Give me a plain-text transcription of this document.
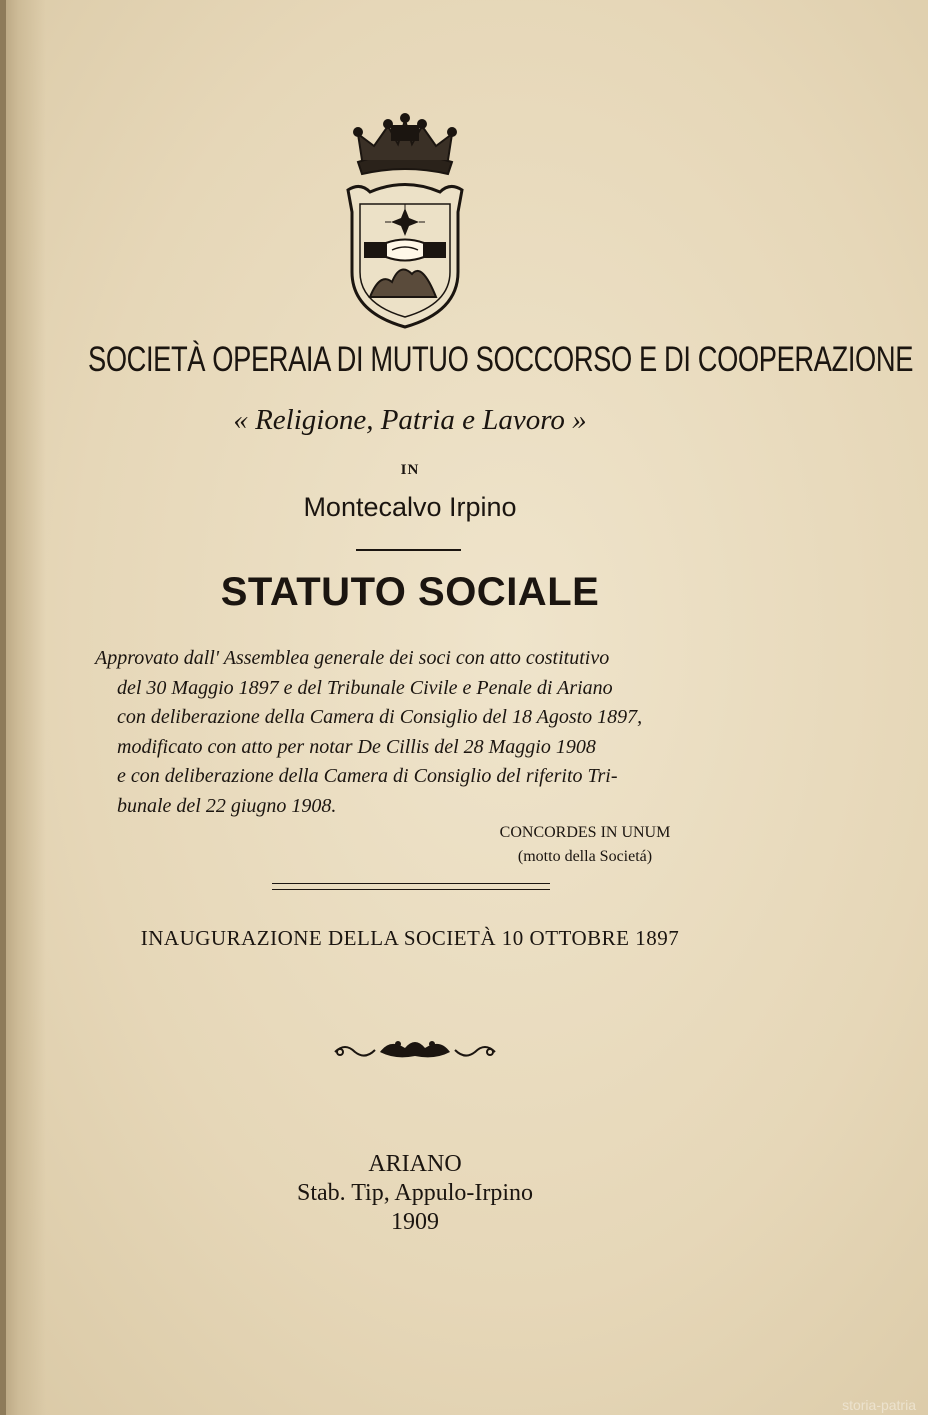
SOCIETÀ OPERAIA DI MUTUO SOCCORSO E DI COOPERAZIONE
« Religione, Patria e Lavoro »
IN
Montecalvo Irpino
STATUTO SOCIALE
Approvato dall' Assemblea generale dei soci con atto costitutivo
del 30 Maggio 1897 e del Tribunale Civile e Penale di Ariano
con deliberazione della Camera di Consiglio del 18 Agosto 1897,
modificato con atto per notar De Cillis del 28 Maggio 1908
e con deliberazione della Camera di Consiglio del riferito Tri-
bunale del 22 giugno 1908.
CONCORDES IN UNUM
(motto della Societá)
INAUGURAZIONE DELLA SOCIETÀ 10 OTTOBRE 1897
ARIANO
Stab. Tip, Appulo-Irpino
1909
storia-patria
